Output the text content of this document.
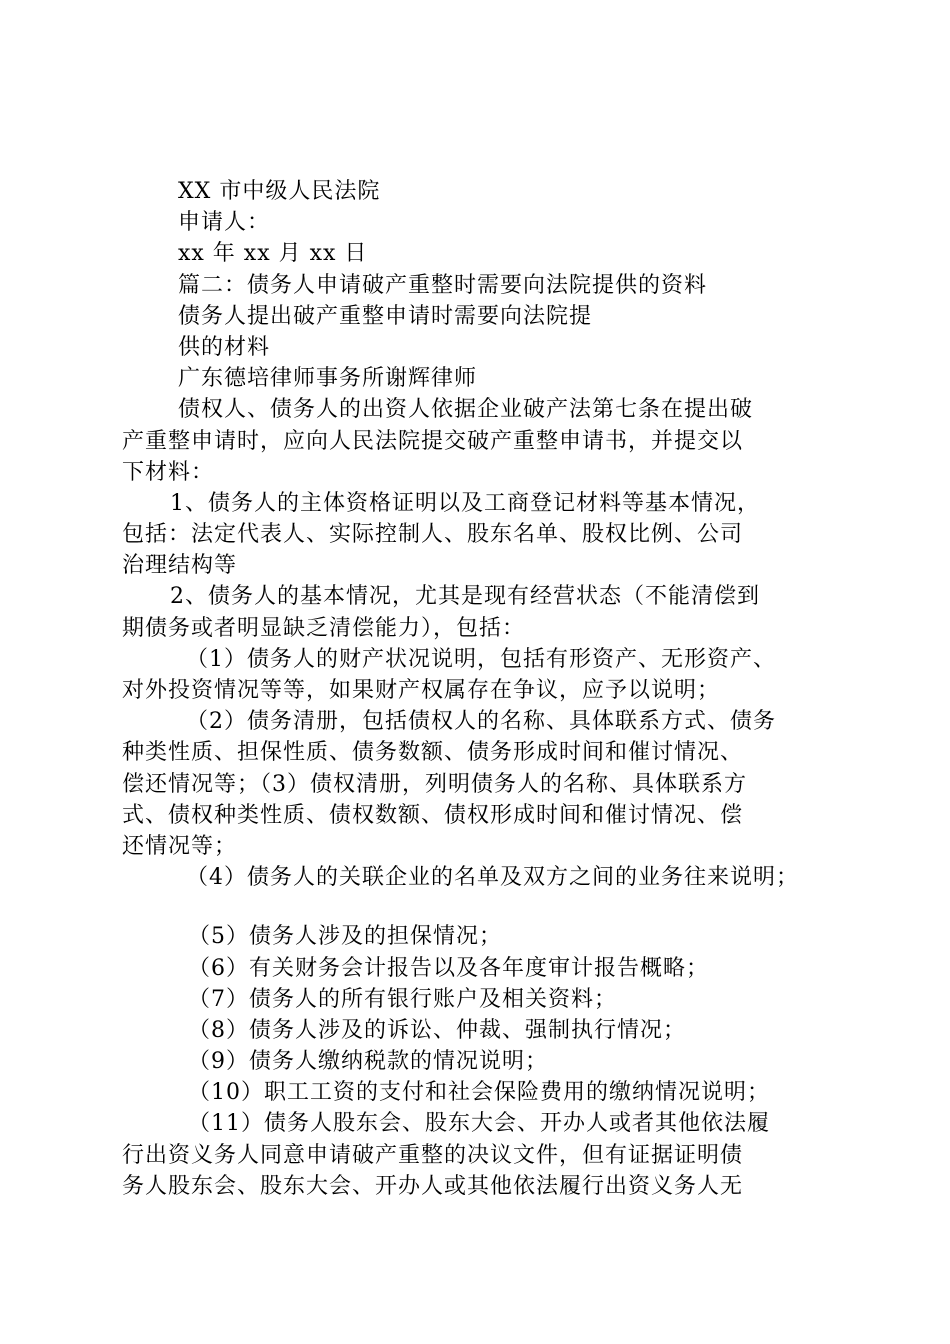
XX 市中级人民法院
申请人：
xx 年 xx 月 xx 日
篇二：债务人申请破产重整时需要向法院提供的资料
债务人提出破产重整申请时需要向法院提
供的材料
广东德培律师事务所谢辉律师
债权人、债务人的出资人依据企业破产法第七条在提出破
产重整申请时，应向人民法院提交破产重整申请书，并提交以
下材料：
1、债务人的主体资格证明以及工商登记材料等基本情况，
包括：法定代表人、实际控制人、股东名单、股权比例、公司
治理结构等
2、债务人的基本情况，尤其是现有经营状态（不能清偿到
期债务或者明显缺乏清偿能力），包括：
（1）债务人的财产状况说明，包括有形资产、无形资产、
对外投资情况等等，如果财产权属存在争议，应予以说明；
（2）债务清册，包括债权人的名称、具体联系方式、债务
种类性质、担保性质、债务数额、债务形成时间和催讨情况、
偿还情况等；（3）债权清册，列明债务人的名称、具体联系方
式、债权种类性质、债权数额、债权形成时间和催讨情况、偿
还情况等；
（4）债务人的关联企业的名单及双方之间的业务往来说明；
（5）债务人涉及的担保情况；
（6）有关财务会计报告以及各年度审计报告概略；
（7）债务人的所有银行账户及相关资料；
（8）债务人涉及的诉讼、仲裁、强制执行情况；
（9）债务人缴纳税款的情况说明；
（10）职工工资的支付和社会保险费用的缴纳情况说明；
（11）债务人股东会、股东大会、开办人或者其他依法履
行出资义务人同意申请破产重整的决议文件，但有证据证明债
务人股东会、股东大会、开办人或其他依法履行出资义务人无
